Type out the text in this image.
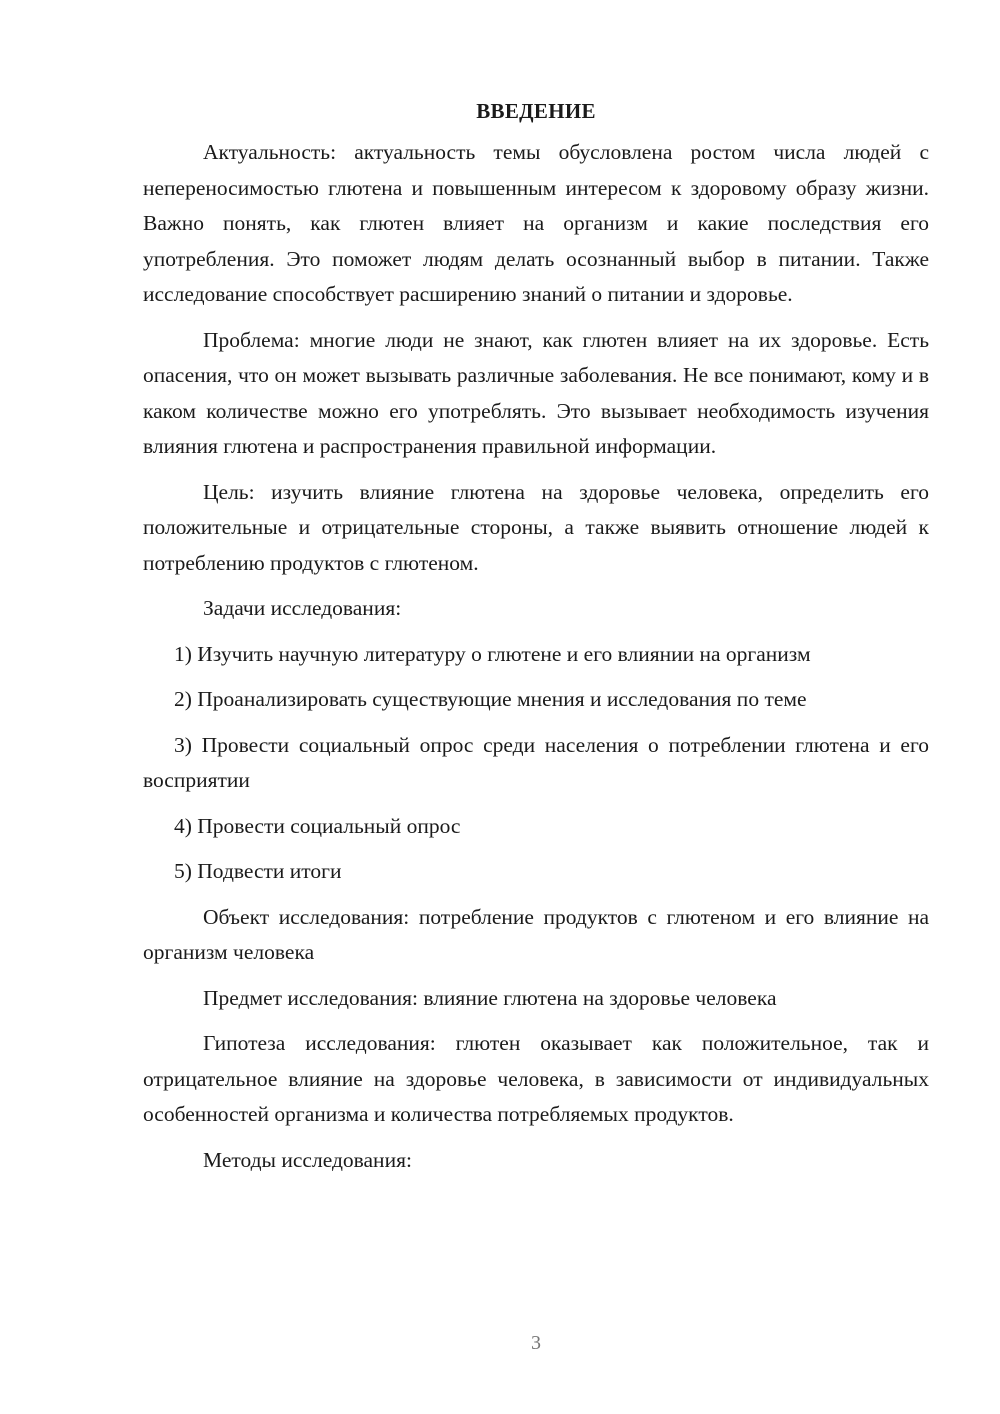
ВВЕДЕНИЕ

Актуальность: актуальность темы обусловлена ростом числа людей с непереносимостью глютена и повышенным интересом к здоровому образу жизни. Важно понять, как глютен влияет на организм и какие последствия его употребления. Это поможет людям делать осознанный выбор в питании. Также исследование способствует расширению знаний о питании и здоровье.

Проблема: многие люди не знают, как глютен влияет на их здоровье. Есть опасения, что он может вызывать различные заболевания. Не все понимают, кому и в каком количестве можно его употреблять. Это вызывает необходимость изучения влияния глютена и распространения правильной информации.

Цель: изучить влияние глютена на здоровье человека, определить его положительные и отрицательные стороны, а также выявить отношение людей к потреблению продуктов с глютеном.

Задачи исследования:

1) Изучить научную литературу о глютене и его влиянии на организм

2) Проанализировать существующие мнения и исследования по теме

3) Провести социальный опрос среди населения о потреблении глютена и его восприятии

4) Провести социальный опрос

5) Подвести итоги

Объект исследования: потребление продуктов с глютеном и его влияние на организм человека

Предмет исследования: влияние глютена на здоровье человека

Гипотеза исследования: глютен оказывает как положительное, так и отрицательное влияние на здоровье человека, в зависимости от индивидуальных особенностей организма и количества потребляемых продуктов.

Методы исследования:

3
